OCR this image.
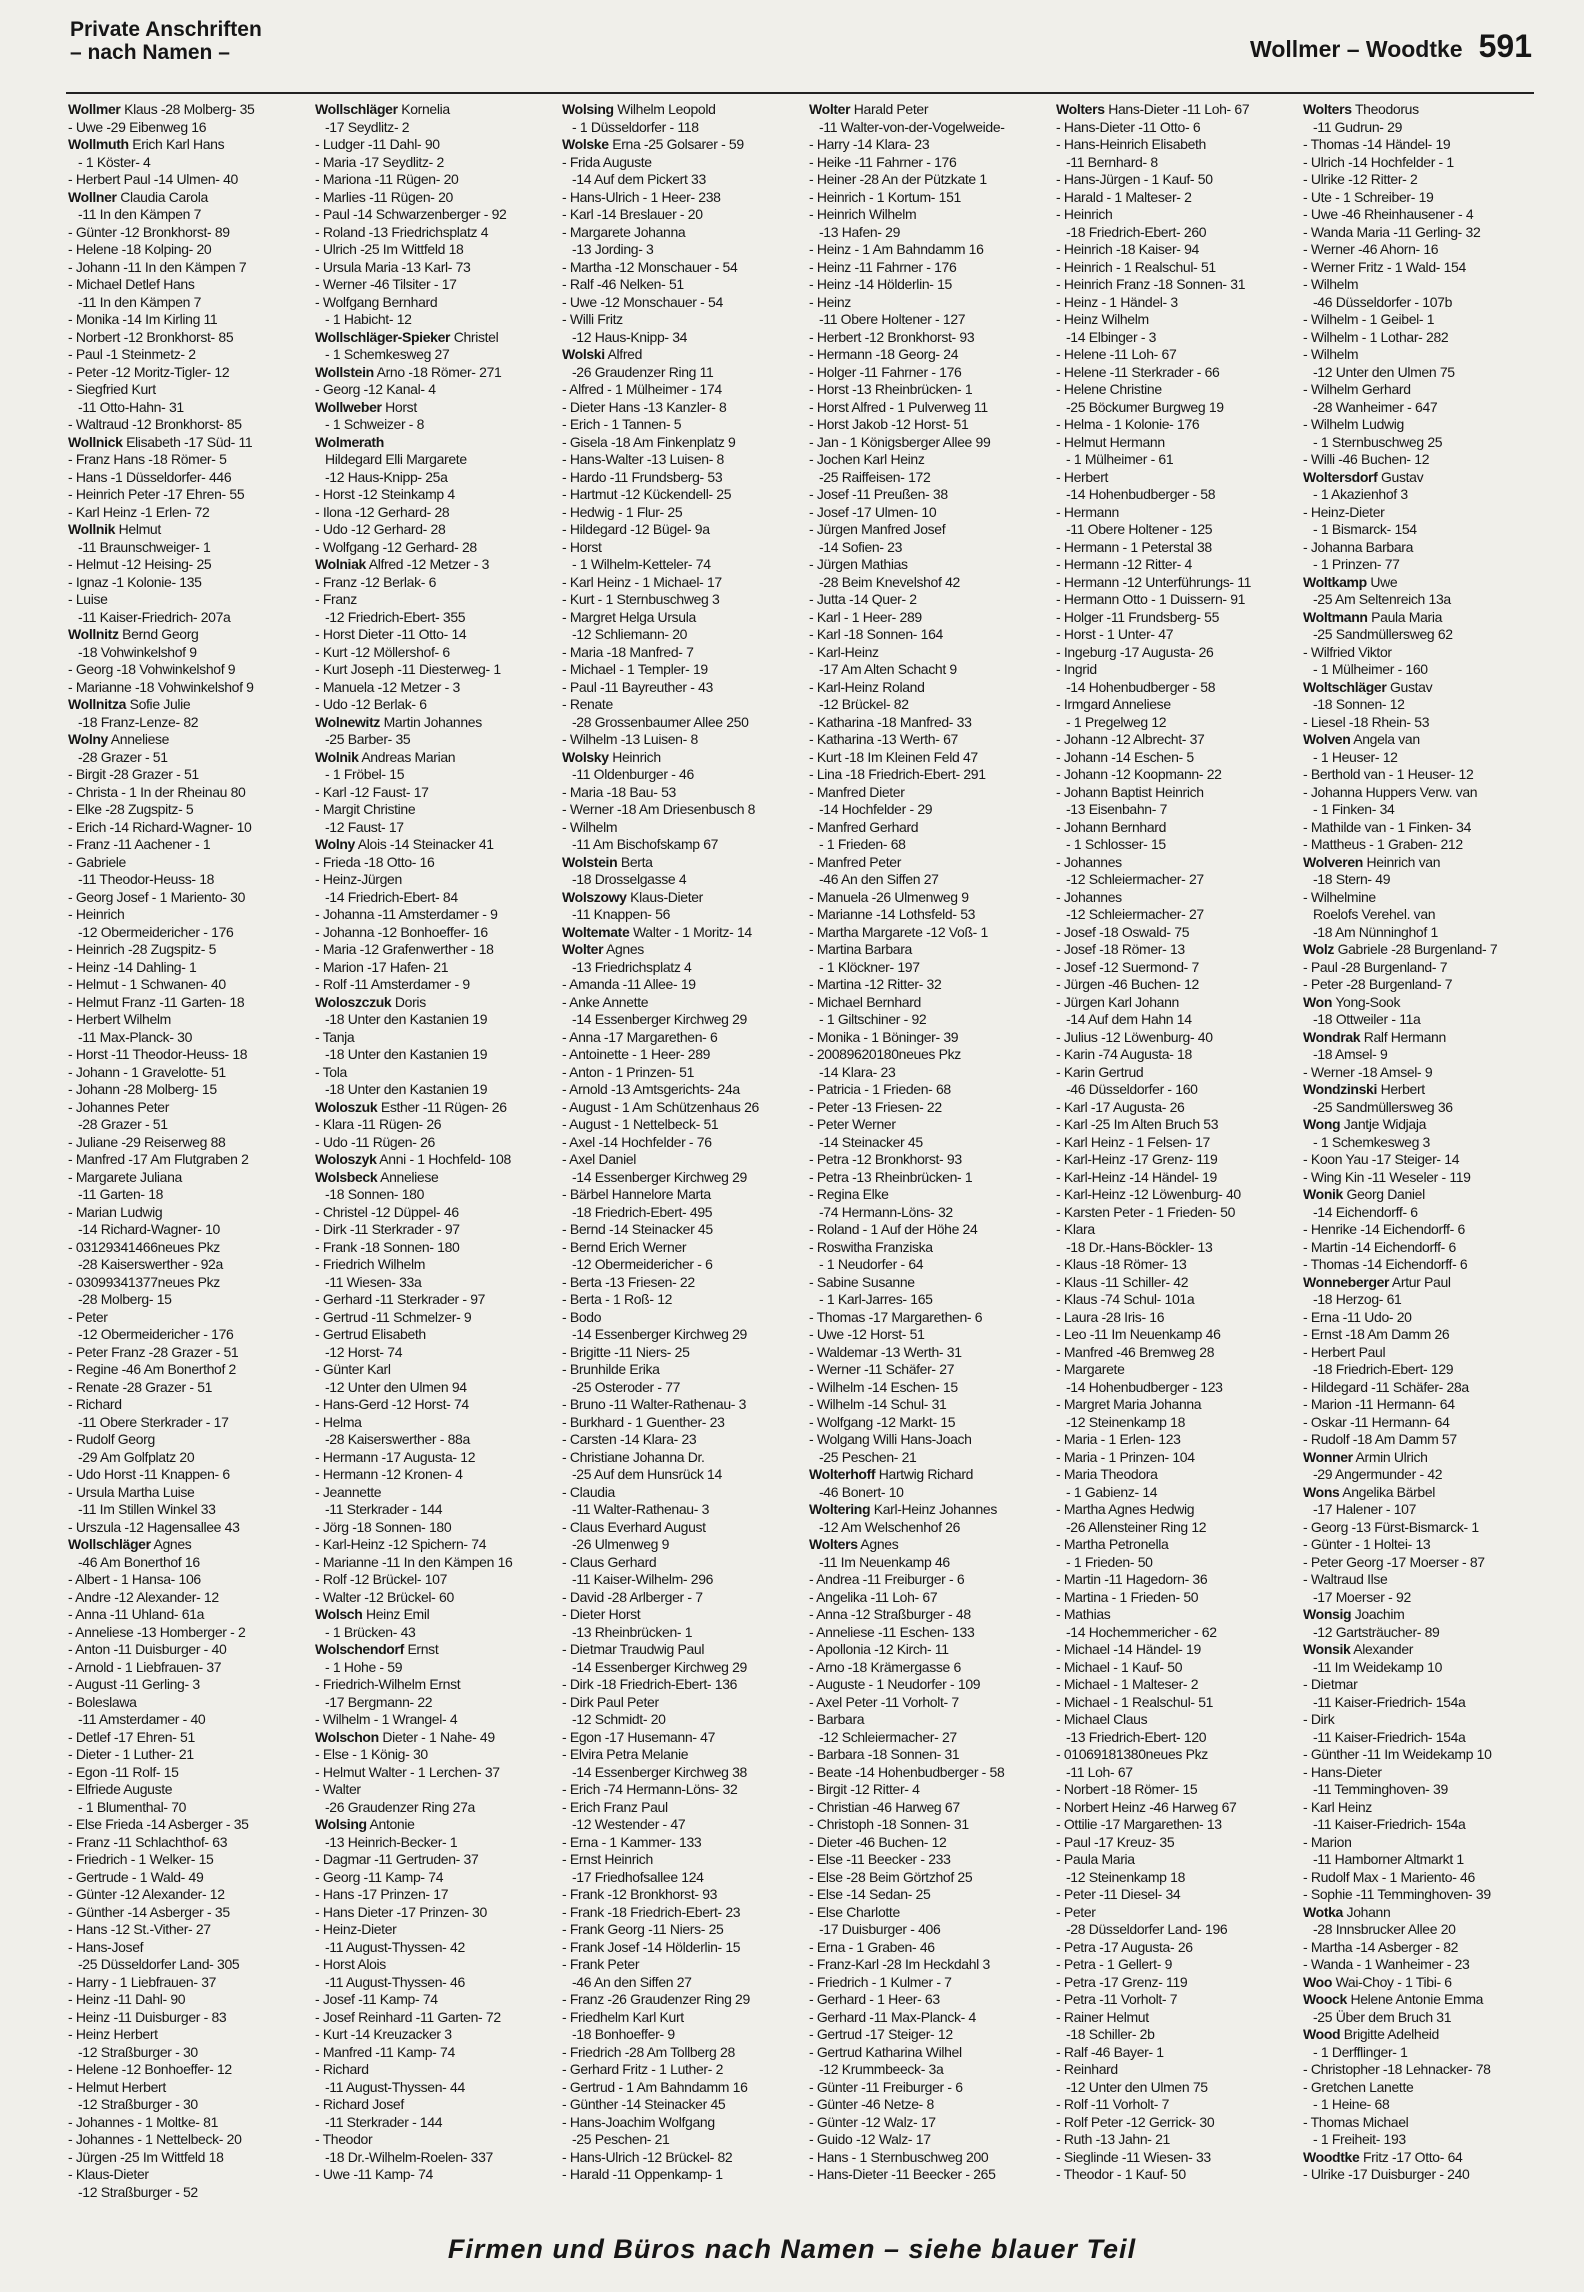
Private Anschriften
– nach Namen –	Wollmer – Woodtke 591
Wollmer Klaus -28 Molberg- 35
- Uwe -29 Eibenweg 16
Wollmuth Erich Karl Hans
- 1 Köster- 4
- Herbert Paul -14 Ulmen- 40
Wollner Claudia Carola
-11 In den Kämpen 7
- Günter -12 Bronkhorst- 89
- Helene -18 Kolping- 20
- Johann -11 In den Kämpen 7
- Michael Detlef Hans
-11 In den Kämpen 7
- Monika -14 Im Kirling 11
- Norbert -12 Bronkhorst- 85
- Paul -1 Steinmetz- 2
- Peter -12 Moritz-Tigler- 12
- Siegfried Kurt
-11 Otto-Hahn- 31
- Waltraud -12 Bronkhorst- 85
Wollnick Elisabeth -17 Süd- 11
- Franz Hans -18 Römer- 5
- Hans -1 Düsseldorfer- 446
- Heinrich Peter -17 Ehren- 55
- Karl Heinz -1 Erlen- 72
Wollnik Helmut
-11 Braunschweiger- 1
- Helmut -12 Heising- 25
- Ignaz -1 Kolonie- 135
- Luise
-11 Kaiser-Friedrich- 207a
Wollnitz Bernd Georg
-18 Vohwinkelshof 9
- Georg -18 Vohwinkelshof 9
- Marianne -18 Vohwinkelshof 9
Wollnitza Sofie Julie
-18 Franz-Lenze- 82
Wolny Anneliese
-28 Grazer - 51
- Birgit -28 Grazer - 51
- Christa - 1 In der Rheinau 80
- Elke -28 Zugspitz- 5
- Erich -14 Richard-Wagner- 10
- Franz -11 Aachener - 1
- Gabriele
-11 Theodor-Heuss- 18
- Georg Josef - 1 Mariento- 30
- Heinrich
-12 Obermeidericher - 176
- Heinrich -28 Zugspitz- 5
- Heinz -14 Dahling- 1
- Helmut - 1 Schwanen- 40
- Helmut Franz -11 Garten- 18
- Herbert Wilhelm
-11 Max-Planck- 30
- Horst -11 Theodor-Heuss- 18
- Johann - 1 Gravelotte- 51
- Johann -28 Molberg- 15
- Johannes Peter
-28 Grazer - 51
- Juliane -29 Reiserweg 88
- Manfred -17 Am Flutgraben 2
- Margarete Juliana
-11 Garten- 18
- Marian Ludwig
-14 Richard-Wagner- 10
- 03129341466neues Pkz
-28 Kaiserswerther - 92a
- 03099341377neues Pkz
-28 Molberg- 15
- Peter
-12 Obermeidericher - 176
- Peter Franz -28 Grazer - 51
- Regine -46 Am Bonerthof 2
- Renate -28 Grazer - 51
- Richard
-11 Obere Sterkrader - 17
- Rudolf Georg
-29 Am Golfplatz 20
- Udo Horst -11 Knappen- 6
- Ursula Martha Luise
-11 Im Stillen Winkel 33
- Urszula -12 Hagensallee 43
Wollschläger Agnes
-46 Am Bonerthof 16
- Albert - 1 Hansa- 106
- Andre -12 Alexander- 12
- Anna -11 Uhland- 61a
- Anneliese -13 Homberger - 2
- Anton -11 Duisburger - 40
- Arnold - 1 Liebfrauen- 37
- August -11 Gerling- 3
- Boleslawa
-11 Amsterdamer - 40
- Detlef -17 Ehren- 51
- Dieter - 1 Luther- 21
- Egon -11 Rolf- 15
- Elfriede Auguste
- 1 Blumenthal- 70
- Else Frieda -14 Asberger - 35
- Franz -11 Schlachthof- 63
- Friedrich - 1 Welker- 15
- Gertrude - 1 Wald- 49
- Günter -12 Alexander- 12
- Günther -14 Asberger - 35
- Hans -12 St.-Vither- 27
- Hans-Josef
-25 Düsseldorfer Land- 305
- Harry - 1 Liebfrauen- 37
- Heinz -11 Dahl- 90
- Heinz -11 Duisburger - 83
- Heinz Herbert
-12 Straßburger - 30
- Helene -12 Bonhoeffer- 12
- Helmut Herbert
-12 Straßburger - 30
- Johannes - 1 Moltke- 81
- Johannes - 1 Nettelbeck- 20
- Jürgen -25 Im Wittfeld 18
- Klaus-Dieter
-12 Straßburger - 52
Wollschläger Kornelia
-17 Seydlitz- 2
- Ludger -11 Dahl- 90
- Maria -17 Seydlitz- 2
- Mariona -11 Rügen- 20
- Marlies -11 Rügen- 20
- Paul -14 Schwarzenberger - 92
- Roland -13 Friedrichsplatz 4
- Ulrich -25 Im Wittfeld 18
- Ursula Maria -13 Karl- 73
- Werner -46 Tilsiter - 17
- Wolfgang Bernhard
- 1 Habicht- 12
Wollschläger-Spieker Christel
- 1 Schemkesweg 27
Wollstein Arno -18 Römer- 271
- Georg -12 Kanal- 4
Wollweber Horst
- 1 Schweizer - 8
Wolmerath
Hildegard Elli Margarete
-12 Haus-Knipp- 25a
- Horst -12 Steinkamp 4
- Ilona -12 Gerhard- 28
- Udo -12 Gerhard- 28
- Wolfgang -12 Gerhard- 28
Wolniak Alfred -12 Metzer - 3
- Franz -12 Berlak- 6
- Franz
-12 Friedrich-Ebert- 355
- Horst Dieter -11 Otto- 14
- Kurt -12 Möllershof- 6
- Kurt Joseph -11 Diesterweg- 1
- Manuela -12 Metzer - 3
- Udo -12 Berlak- 6
Wolnewitz Martin Johannes
-25 Barber- 35
Wolnik Andreas Marian
- 1 Fröbel- 15
- Karl -12 Faust- 17
- Margit Christine
-12 Faust- 17
Wolny Alois -14 Steinacker 41
- Frieda -18 Otto- 16
- Heinz-Jürgen
-14 Friedrich-Ebert- 84
- Johanna -11 Amsterdamer - 9
- Johanna -12 Bonhoeffer- 16
- Maria -12 Grafenwerther - 18
- Marion -17 Hafen- 21
- Rolf -11 Amsterdamer - 9
Woloszczuk Doris
-18 Unter den Kastanien 19
- Tanja
-18 Unter den Kastanien 19
- Tola
-18 Unter den Kastanien 19
Woloszuk Esther -11 Rügen- 26
- Klara -11 Rügen- 26
- Udo -11 Rügen- 26
Woloszyk Anni - 1 Hochfeld- 108
Wolsbeck Anneliese
-18 Sonnen- 180
- Christel -12 Düppel- 46
- Dirk -11 Sterkrader - 97
- Frank -18 Sonnen- 180
- Friedrich Wilhelm
-11 Wiesen- 33a
- Gerhard -11 Sterkrader - 97
- Gertrud -11 Schmelzer- 9
- Gertrud Elisabeth
-12 Horst- 74
- Günter Karl
-12 Unter den Ulmen 94
- Hans-Gerd -12 Horst- 74
- Helma
-28 Kaiserswerther - 88a
- Hermann -17 Augusta- 12
- Hermann -12 Kronen- 4
- Jeannette
-11 Sterkrader - 144
- Jörg -18 Sonnen- 180
- Karl-Heinz -12 Spichern- 74
- Marianne -11 In den Kämpen 16
- Rolf -12 Brückel- 107
- Walter -12 Brückel- 60
Wolsch Heinz Emil
- 1 Brücken- 43
Wolschendorf Ernst
- 1 Hohe - 59
- Friedrich-Wilhelm Ernst
-17 Bergmann- 22
- Wilhelm - 1 Wrangel- 4
Wolschon Dieter - 1 Nahe- 49
- Else - 1 König- 30
- Helmut Walter - 1 Lerchen- 37
- Walter
-26 Graudenzer Ring 27a
Wolsing Antonie
-13 Heinrich-Becker- 1
- Dagmar -11 Gertruden- 37
- Georg -11 Kamp- 74
- Hans -17 Prinzen- 17
- Hans Dieter -17 Prinzen- 30
- Heinz-Dieter
-11 August-Thyssen- 42
- Horst Alois
-11 August-Thyssen- 46
- Josef -11 Kamp- 74
- Josef Reinhard -11 Garten- 72
- Kurt -14 Kreuzacker 3
- Manfred -11 Kamp- 74
- Richard
-11 August-Thyssen- 44
- Richard Josef
-11 Sterkrader - 144
- Theodor
-18 Dr.-Wilhelm-Roelen- 337
- Uwe -11 Kamp- 74
Wolsing Wilhelm Leopold
- 1 Düsseldorfer - 118
Wolske Erna -25 Golsarer - 59
- Frida Auguste
-14 Auf dem Pickert 33
- Hans-Ulrich - 1 Heer- 238
- Karl -14 Breslauer - 20
- Margarete Johanna
-13 Jording- 3
- Martha -12 Monschauer - 54
- Ralf -46 Nelken- 51
- Uwe -12 Monschauer - 54
- Willi Fritz
-12 Haus-Knipp- 34
Wolski Alfred
-26 Graudenzer Ring 11
- Alfred - 1 Mülheimer - 174
- Dieter Hans -13 Kanzler- 8
- Erich - 1 Tannen- 5
- Gisela -18 Am Finkenplatz 9
- Hans-Walter -13 Luisen- 8
- Hardo -11 Frundsberg- 53
- Hartmut -12 Kückendell- 25
- Hedwig - 1 Flur- 25
- Hildegard -12 Bügel- 9a
- Horst
- 1 Wilhelm-Ketteler- 74
- Karl Heinz - 1 Michael- 17
- Kurt - 1 Sternbuschweg 3
- Margret Helga Ursula
-12 Schliemann- 20
- Maria -18 Manfred- 7
- Michael - 1 Templer- 19
- Paul -11 Bayreuther - 43
- Renate
-28 Grossenbaumer Allee 250
- Wilhelm -13 Luisen- 8
Wolsky Heinrich
-11 Oldenburger - 46
- Maria -18 Bau- 53
- Werner -18 Am Driesenbusch 8
- Wilhelm
-11 Am Bischofskamp 67
Wolstein Berta
-18 Drosselgasse 4
Wolszowy Klaus-Dieter
-11 Knappen- 56
Woltemate Walter - 1 Moritz- 14
Wolter Agnes
-13 Friedrichsplatz 4
- Amanda -11 Allee- 19
- Anke Annette
-14 Essenberger Kirchweg 29
- Anna -17 Margarethen- 6
- Antoinette - 1 Heer- 289
- Anton - 1 Prinzen- 51
- Arnold -13 Amtsgerichts- 24a
- August - 1 Am Schützenhaus 26
- August - 1 Nettelbeck- 51
- Axel -14 Hochfelder - 76
- Axel Daniel
-14 Essenberger Kirchweg 29
- Bärbel Hannelore Marta
-18 Friedrich-Ebert- 495
- Bernd -14 Steinacker 45
- Bernd Erich Werner
-12 Obermeidericher - 6
- Berta -13 Friesen- 22
- Berta - 1 Roß- 12
- Bodo
-14 Essenberger Kirchweg 29
- Brigitte -11 Niers- 25
- Brunhilde Erika
-25 Osteroder - 77
- Bruno -11 Walter-Rathenau- 3
- Burkhard - 1 Guenther- 23
- Carsten -14 Klara- 23
- Christiane Johanna Dr.
-25 Auf dem Hunsrück 14
- Claudia
-11 Walter-Rathenau- 3
- Claus Everhard August
-26 Ulmenweg 9
- Claus Gerhard
-11 Kaiser-Wilhelm- 296
- David -28 Arlberger - 7
- Dieter Horst
-13 Rheinbrücken- 1
- Dietmar Traudwig Paul
-14 Essenberger Kirchweg 29
- Dirk -18 Friedrich-Ebert- 136
- Dirk Paul Peter
-12 Schmidt- 20
- Egon -17 Husemann- 47
- Elvira Petra Melanie
-14 Essenberger Kirchweg 38
- Erich -74 Hermann-Löns- 32
- Erich Franz Paul
-12 Westender - 47
- Erna - 1 Kammer- 133
- Ernst Heinrich
-17 Friedhofsallee 124
- Frank -12 Bronkhorst- 93
- Frank -18 Friedrich-Ebert- 23
- Frank Georg -11 Niers- 25
- Frank Josef -14 Hölderlin- 15
- Frank Peter
-46 An den Siffen 27
- Franz -26 Graudenzer Ring 29
- Friedhelm Karl Kurt
-18 Bonhoeffer- 9
- Friedrich -28 Am Tollberg 28
- Gerhard Fritz - 1 Luther- 2
- Gertrud - 1 Am Bahndamm 16
- Günther -14 Steinacker 45
- Hans-Joachim Wolfgang
-25 Peschen- 21
- Hans-Ulrich -12 Brückel- 82
- Harald -11 Oppenkamp- 1
Wolter Harald Peter
-11 Walter-von-der-Vogelweide-
- Harry -14 Klara- 23
- Heike -11 Fahrner - 176
- Heiner -28 An der Pützkate 1
- Heinrich - 1 Kortum- 151
- Heinrich Wilhelm
-13 Hafen- 29
- Heinz - 1 Am Bahndamm 16
- Heinz -11 Fahrner - 176
- Heinz -14 Hölderlin- 15
- Heinz
-11 Obere Holtener - 127
- Herbert -12 Bronkhorst- 93
- Hermann -18 Georg- 24
- Holger -11 Fahrner - 176
- Horst -13 Rheinbrücken- 1
- Horst Alfred - 1 Pulverweg 11
- Horst Jakob -12 Horst- 51
- Jan - 1 Königsberger Allee 99
- Jochen Karl Heinz
-25 Raiffeisen- 172
- Josef -11 Preußen- 38
- Josef -17 Ulmen- 10
- Jürgen Manfred Josef
-14 Sofien- 23
- Jürgen Mathias
-28 Beim Knevelshof 42
- Jutta -14 Quer- 2
- Karl - 1 Heer- 289
- Karl -18 Sonnen- 164
- Karl-Heinz
-17 Am Alten Schacht 9
- Karl-Heinz Roland
-12 Brückel- 82
- Katharina -18 Manfred- 33
- Katharina -13 Werth- 67
- Kurt -18 Im Kleinen Feld 47
- Lina -18 Friedrich-Ebert- 291
- Manfred Dieter
-14 Hochfelder - 29
- Manfred Gerhard
- 1 Frieden- 68
- Manfred Peter
-46 An den Siffen 27
- Manuela -26 Ulmenweg 9
- Marianne -14 Lothsfeld- 53
- Martha Margarete -12 Voß- 1
- Martina Barbara
- 1 Klöckner- 197
- Martina -12 Ritter- 32
- Michael Bernhard
- 1 Giltschiner - 92
- Monika - 1 Böninger- 39
- 20089620180neues Pkz
-14 Klara- 23
- Patricia - 1 Frieden- 68
- Peter -13 Friesen- 22
- Peter Werner
-14 Steinacker 45
- Petra -12 Bronkhorst- 93
- Petra -13 Rheinbrücken- 1
- Regina Elke
-74 Hermann-Löns- 32
- Roland - 1 Auf der Höhe 24
- Roswitha Franziska
- 1 Neudorfer - 64
- Sabine Susanne
- 1 Karl-Jarres- 165
- Thomas -17 Margarethen- 6
- Uwe -12 Horst- 51
- Waldemar -13 Werth- 31
- Werner -11 Schäfer- 27
- Wilhelm -14 Eschen- 15
- Wilhelm -14 Schul- 31
- Wolfgang -12 Markt- 15
- Wolgang Willi Hans-Joach
-25 Peschen- 21
Wolterhoff Hartwig Richard
-46 Bonert- 10
Woltering Karl-Heinz Johannes
-12 Am Welschenhof 26
Wolters Agnes
-11 Im Neuenkamp 46
- Andrea -11 Freiburger - 6
- Angelika -11 Loh- 67
- Anna -12 Straßburger - 48
- Anneliese -11 Eschen- 133
- Apollonia -12 Kirch- 11
- Arno -18 Krämergasse 6
- Auguste - 1 Neudorfer - 109
- Axel Peter -11 Vorholt- 7
- Barbara
-12 Schleiermacher- 27
- Barbara -18 Sonnen- 31
- Beate -14 Hohenbudberger - 58
- Birgit -12 Ritter- 4
- Christian -46 Harweg 67
- Christoph -18 Sonnen- 31
- Dieter -46 Buchen- 12
- Else -11 Beecker - 233
- Else -28 Beim Görtzhof 25
- Else -14 Sedan- 25
- Else Charlotte
-17 Duisburger - 406
- Erna - 1 Graben- 46
- Franz-Karl -28 Im Heckdahl 3
- Friedrich - 1 Kulmer - 7
- Gerhard - 1 Heer- 63
- Gerhard -11 Max-Planck- 4
- Gertrud -17 Steiger- 12
- Gertrud Katharina Wilhel
-12 Krummbeeck- 3a
- Günter -11 Freiburger - 6
- Günter -46 Netze- 8
- Günter -12 Walz- 17
- Guido -12 Walz- 17
- Hans - 1 Sternbuschweg 200
- Hans-Dieter -11 Beecker - 265
Wolters Hans-Dieter -11 Loh- 67
- Hans-Dieter -11 Otto- 6
- Hans-Heinrich Elisabeth
-11 Bernhard- 8
- Hans-Jürgen - 1 Kauf- 50
- Harald - 1 Malteser- 2
- Heinrich
-18 Friedrich-Ebert- 260
- Heinrich -18 Kaiser- 94
- Heinrich - 1 Realschul- 51
- Heinrich Franz -18 Sonnen- 31
- Heinz - 1 Händel- 3
- Heinz Wilhelm
-14 Elbinger - 3
- Helene -11 Loh- 67
- Helene -11 Sterkrader - 66
- Helene Christine
-25 Böckumer Burgweg 19
- Helma - 1 Kolonie- 176
- Helmut Hermann
- 1 Mülheimer - 61
- Herbert
-14 Hohenbudberger - 58
- Hermann
-11 Obere Holtener - 125
- Hermann - 1 Peterstal 38
- Hermann -12 Ritter- 4
- Hermann -12 Unterführungs- 11
- Hermann Otto - 1 Duissern- 91
- Holger -11 Frundsberg- 55
- Horst - 1 Unter- 47
- Ingeburg -17 Augusta- 26
- Ingrid
-14 Hohenbudberger - 58
- Irmgard Anneliese
- 1 Pregelweg 12
- Johann -12 Albrecht- 37
- Johann -14 Eschen- 5
- Johann -12 Koopmann- 22
- Johann Baptist Heinrich
-13 Eisenbahn- 7
- Johann Bernhard
- 1 Schlosser- 15
- Johannes
-12 Schleiermacher- 27
- Johannes
-12 Schleiermacher- 27
- Josef -18 Oswald- 75
- Josef -18 Römer- 13
- Josef -12 Suermond- 7
- Jürgen -46 Buchen- 12
- Jürgen Karl Johann
-14 Auf dem Hahn 14
- Julius -12 Löwenburg- 40
- Karin -74 Augusta- 18
- Karin Gertrud
-46 Düsseldorfer - 160
- Karl -17 Augusta- 26
- Karl -25 Im Alten Bruch 53
- Karl Heinz - 1 Felsen- 17
- Karl-Heinz -17 Grenz- 119
- Karl-Heinz -14 Händel- 19
- Karl-Heinz -12 Löwenburg- 40
- Karsten Peter - 1 Frieden- 50
- Klara
-18 Dr.-Hans-Böckler- 13
- Klaus -18 Römer- 13
- Klaus -11 Schiller- 42
- Klaus -74 Schul- 101a
- Laura -28 Iris- 16
- Leo -11 Im Neuenkamp 46
- Manfred -46 Bremweg 28
- Margarete
-14 Hohenbudberger - 123
- Margret Maria Johanna
-12 Steinenkamp 18
- Maria - 1 Erlen- 123
- Maria - 1 Prinzen- 104
- Maria Theodora
- 1 Gabienz- 14
- Martha Agnes Hedwig
-26 Allensteiner Ring 12
- Martha Petronella
- 1 Frieden- 50
- Martin -11 Hagedorn- 36
- Martina - 1 Frieden- 50
- Mathias
-14 Hochemmericher - 62
- Michael -14 Händel- 19
- Michael - 1 Kauf- 50
- Michael - 1 Malteser- 2
- Michael - 1 Realschul- 51
- Michael Claus
-13 Friedrich-Ebert- 120
- 01069181380neues Pkz
-11 Loh- 67
- Norbert -18 Römer- 15
- Norbert Heinz -46 Harweg 67
- Ottilie -17 Margarethen- 13
- Paul -17 Kreuz- 35
- Paula Maria
-12 Steinenkamp 18
- Peter -11 Diesel- 34
- Peter
-28 Düsseldorfer Land- 196
- Petra -17 Augusta- 26
- Petra - 1 Gellert- 9
- Petra -17 Grenz- 119
- Petra -11 Vorholt- 7
- Rainer Helmut
-18 Schiller- 2b
- Ralf -46 Bayer- 1
- Reinhard
-12 Unter den Ulmen 75
- Rolf -11 Vorholt- 7
- Rolf Peter -12 Gerrick- 30
- Ruth -13 Jahn- 21
- Sieglinde -11 Wiesen- 33
- Theodor - 1 Kauf- 50
Wolters Theodorus
-11 Gudrun- 29
- Thomas -14 Händel- 19
- Ulrich -14 Hochfelder - 1
- Ulrike -12 Ritter- 2
- Ute - 1 Schreiber- 19
- Uwe -46 Rheinhausener - 4
- Wanda Maria -11 Gerling- 32
- Werner -46 Ahorn- 16
- Werner Fritz - 1 Wald- 154
- Wilhelm
-46 Düsseldorfer - 107b
- Wilhelm - 1 Geibel- 1
- Wilhelm - 1 Lothar- 282
- Wilhelm
-12 Unter den Ulmen 75
- Wilhelm Gerhard
-28 Wanheimer - 647
- Wilhelm Ludwig
- 1 Sternbuschweg 25
- Willi -46 Buchen- 12
Woltersdorf Gustav
- 1 Akazienhof 3
- Heinz-Dieter
- 1 Bismarck- 154
- Johanna Barbara
- 1 Prinzen- 77
Woltkamp Uwe
-25 Am Seltenreich 13a
Woltmann Paula Maria
-25 Sandmüllersweg 62
- Wilfried Viktor
- 1 Mülheimer - 160
Woltschläger Gustav
-18 Sonnen- 12
- Liesel -18 Rhein- 53
Wolven Angela van
- 1 Heuser- 12
- Berthold van - 1 Heuser- 12
- Johanna Huppers Verw. van
- 1 Finken- 34
- Mathilde van - 1 Finken- 34
- Mattheus - 1 Graben- 212
Wolveren Heinrich van
-18 Stern- 49
- Wilhelmine
Roelofs Verehel. van
-18 Am Nünninghof 1
Wolz Gabriele -28 Burgenland- 7
- Paul -28 Burgenland- 7
- Peter -28 Burgenland- 7
Won Yong-Sook
-18 Ottweiler - 11a
Wondrak Ralf Hermann
-18 Amsel- 9
- Werner -18 Amsel- 9
Wondzinski Herbert
-25 Sandmüllersweg 36
Wong Jantje Widjaja
- 1 Schemkesweg 3
- Koon Yau -17 Steiger- 14
- Wing Kin -11 Weseler - 119
Wonik Georg Daniel
-14 Eichendorff- 6
- Henrike -14 Eichendorff- 6
- Martin -14 Eichendorff- 6
- Thomas -14 Eichendorff- 6
Wonneberger Artur Paul
-18 Herzog- 61
- Erna -11 Udo- 20
- Ernst -18 Am Damm 26
- Herbert Paul
-18 Friedrich-Ebert- 129
- Hildegard -11 Schäfer- 28a
- Marion -11 Hermann- 64
- Oskar -11 Hermann- 64
- Rudolf -18 Am Damm 57
Wonner Armin Ulrich
-29 Angermunder - 42
Wons Angelika Bärbel
-17 Halener - 107
- Georg -13 Fürst-Bismarck- 1
- Günter - 1 Holtei- 13
- Peter Georg -17 Moerser - 87
- Waltraud Ilse
-17 Moerser - 92
Wonsig Joachim
-12 Gartsträucher- 89
Wonsik Alexander
-11 Im Weidekamp 10
- Dietmar
-11 Kaiser-Friedrich- 154a
- Dirk
-11 Kaiser-Friedrich- 154a
- Günther -11 Im Weidekamp 10
- Hans-Dieter
-11 Temminghoven- 39
- Karl Heinz
-11 Kaiser-Friedrich- 154a
- Marion
-11 Hamborner Altmarkt 1
- Rudolf Max - 1 Mariento- 46
- Sophie -11 Temminghoven- 39
Wotka Johann
-28 Innsbrucker Allee 20
- Martha -14 Asberger - 82
- Wanda - 1 Wanheimer - 23
Woo Wai-Choy - 1 Tibi- 6
Woock Helene Antonie Emma
-25 Über dem Bruch 31
Wood Brigitte Adelheid
- 1 Derfflinger- 1
- Christopher -18 Lehnacker- 78
- Gretchen Lanette
- 1 Heine- 68
- Thomas Michael
- 1 Freiheit- 193
Woodtke Fritz -17 Otto- 64
- Ulrike -17 Duisburger - 240
Firmen und Büros nach Namen – siehe blauer Teil
